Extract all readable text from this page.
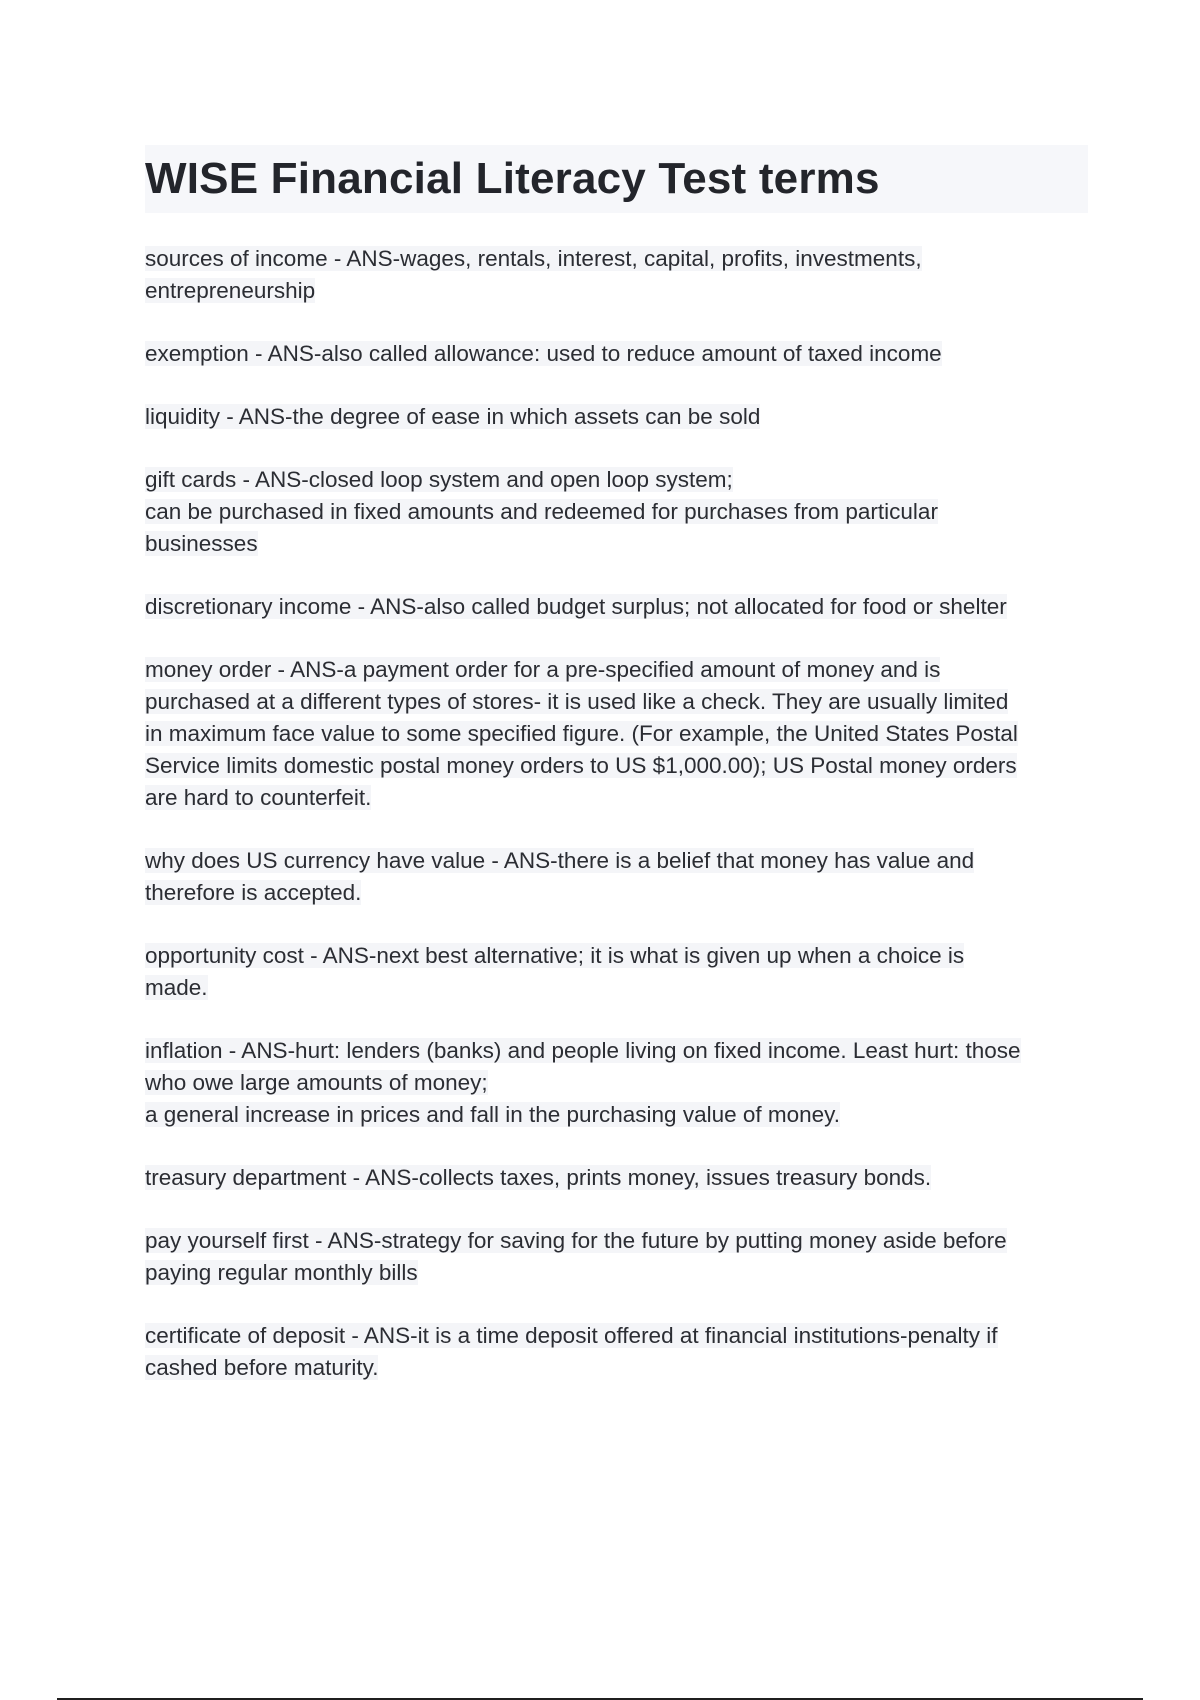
WISE Financial Literacy Test terms

sources of income - ANS-wages, rentals, interest, capital, profits, investments,
entrepreneurship

exemption - ANS-also called allowance: used to reduce amount of taxed income

liquidity - ANS-the degree of ease in which assets can be sold

gift cards - ANS-closed loop system and open loop system;
can be purchased in fixed amounts and redeemed for purchases from particular
businesses

discretionary income - ANS-also called budget surplus; not allocated for food or shelter

money order - ANS-a payment order for a pre-specified amount of money and is
purchased at a different types of stores- it is used like a check. They are usually limited
in maximum face value to some specified figure. (For example, the United States Postal
Service limits domestic postal money orders to US $1,000.00); US Postal money orders
are hard to counterfeit.

why does US currency have value - ANS-there is a belief that money has value and
therefore is accepted.

opportunity cost - ANS-next best alternative; it is what is given up when a choice is
made.

inflation - ANS-hurt: lenders (banks) and people living on fixed income. Least hurt: those
who owe large amounts of money;
a general increase in prices and fall in the purchasing value of money.

treasury department - ANS-collects taxes, prints money, issues treasury bonds.

pay yourself first - ANS-strategy for saving for the future by putting money aside before
paying regular monthly bills

certificate of deposit - ANS-it is a time deposit offered at financial institutions-penalty if
cashed before maturity.
